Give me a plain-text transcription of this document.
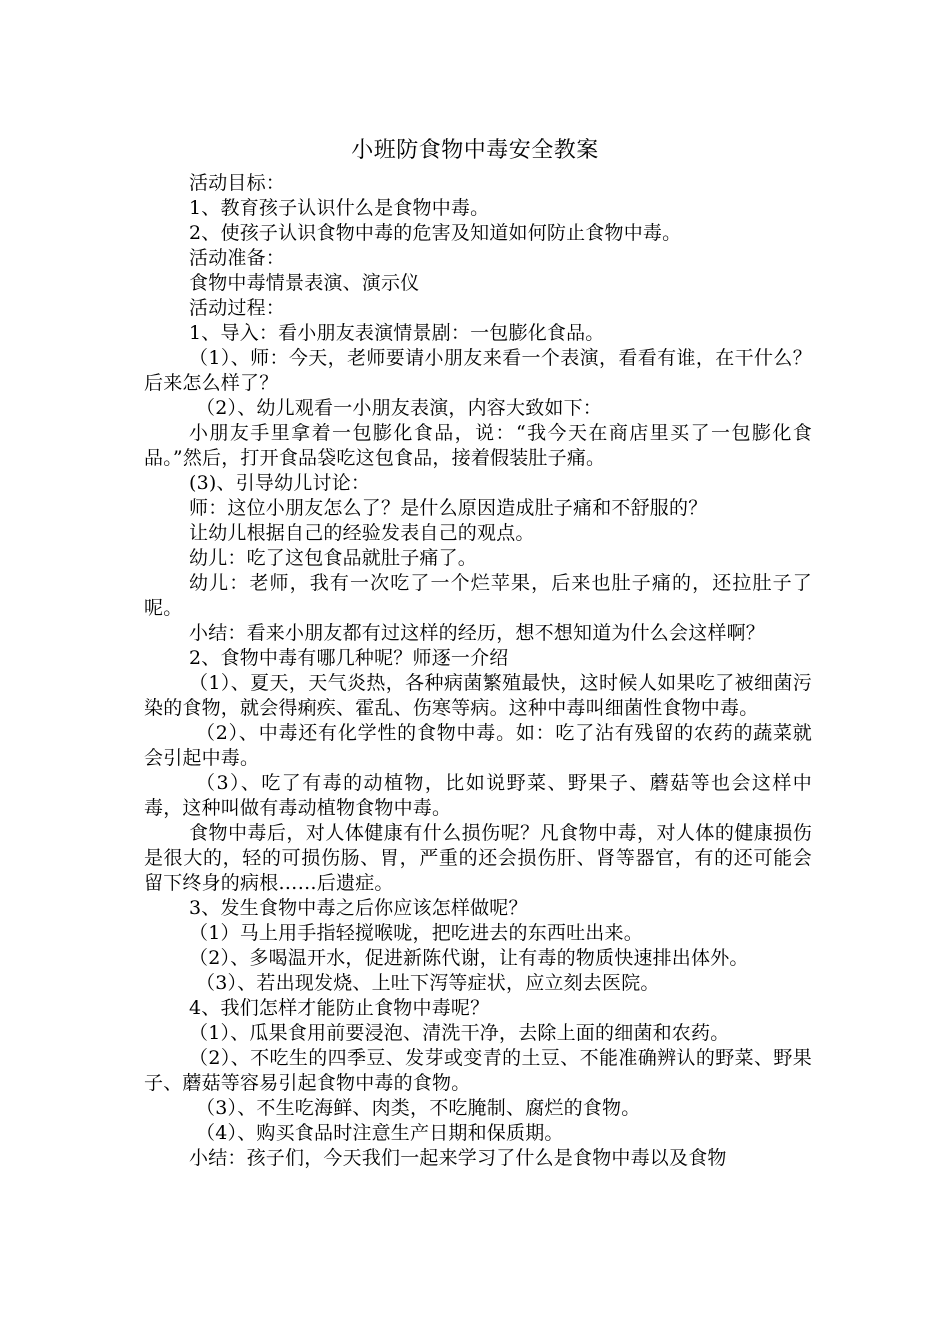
小班防食物中毒安全教案

活动目标：

1、教育孩子认识什么是食物中毒。

2、使孩子认识食物中毒的危害及知道如何防止食物中毒。

活动准备：

食物中毒情景表演、演示仪

活动过程：

1、导入：看小朋友表演情景剧：一包膨化食品。

（1）、师：今天，老师要请小朋友来看一个表演，看看有谁，在干什么？后来怎么样了？

（2）、幼儿观看一小朋友表演，内容大致如下：

小朋友手里拿着一包膨化食品，说：“我今天在商店里买了一包膨化食品。”然后，打开食品袋吃这包食品，接着假装肚子痛。

(3)、引导幼儿讨论：

师：这位小朋友怎么了？是什么原因造成肚子痛和不舒服的？

让幼儿根据自己的经验发表自己的观点。

幼儿：吃了这包食品就肚子痛了。

幼儿：老师，我有一次吃了一个烂苹果，后来也肚子痛的，还拉肚子了呢。

小结：看来小朋友都有过这样的经历，想不想知道为什么会这样啊？

2、食物中毒有哪几种呢？师逐一介绍

（1）、夏天，天气炎热，各种病菌繁殖最快，这时候人如果吃了被细菌污染的食物，就会得痢疾、霍乱、伤寒等病。这种中毒叫细菌性食物中毒。

（2）、中毒还有化学性的食物中毒。如：吃了沾有残留的农药的蔬菜就会引起中毒。

（3）、吃了有毒的动植物，比如说野菜、野果子、蘑菇等也会这样中毒，这种叫做有毒动植物食物中毒。

食物中毒后，对人体健康有什么损伤呢？凡食物中毒，对人体的健康损伤是很大的，轻的可损伤肠、胃，严重的还会损伤肝、肾等器官，有的还可能会留下终身的病根……后遗症。

3、发生食物中毒之后你应该怎样做呢？

（1）马上用手指轻搅喉咙，把吃进去的东西吐出来。

（2）、多喝温开水，促进新陈代谢，让有毒的物质快速排出体外。

（3）、若出现发烧、上吐下泻等症状，应立刻去医院。

4、我们怎样才能防止食物中毒呢？

（1）、瓜果食用前要浸泡、清洗干净，去除上面的细菌和农药。

（2）、不吃生的四季豆、发芽或变青的土豆、不能准确辨认的野菜、野果子、蘑菇等容易引起食物中毒的食物。

（3）、不生吃海鲜、肉类，不吃腌制、腐烂的食物。

（4）、购买食品时注意生产日期和保质期。

小结：孩子们，今天我们一起来学习了什么是食物中毒以及食物
